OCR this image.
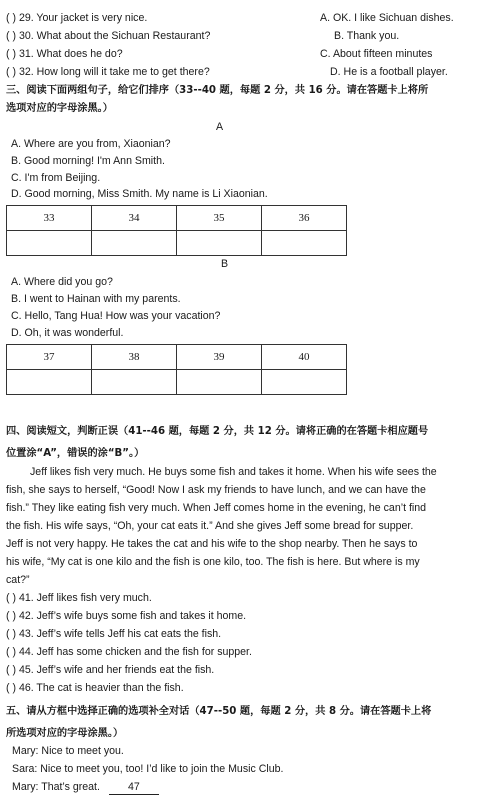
( ) 29. Your jacket is very nice.	A. OK. I like Sichuan dishes.
( ) 30. What about the Sichuan Restaurant?	B. Thank you.
( ) 31. What does he do?	C. About fifteen minutes
( ) 32. How long will it take me to get there?	D. He is a football player.
三、阅读下面两组句子，给它们排序（33--40 题，每题 2 分，共 16 分。请在答题卡上将所
选项对应的字母涂黑。）
A
A. Where are you from, Xiaonian?
B. Good morning! I'm Ann Smith.
C. I'm from Beijing.
D. Good morning, Miss Smith. My name is Li Xiaonian.
33	34	35	36

B
A. Where did you go?
B. I went to Hainan with my parents.
C. Hello, Tang Hua! How was your vacation?
D. Oh, it was wonderful.
37	38	39	40

四、阅读短文，判断正误（41--46 题，每题 2 分，共 12 分。请将正确的在答题卡相应题号
位置涂“A”，错误的涂“B”。）
Jeff likes fish very much. He buys some fish and takes it home. When his wife sees the
fish, she says to herself, “Good! Now I ask my friends to have lunch, and we can have the
fish.” They like eating fish very much. When Jeff comes home in the evening, he can’t find
the fish. His wife says, “Oh, your cat eats it.” And she gives Jeff some bread for supper.
Jeff is not very happy. He takes the cat and his wife to the shop nearby. Then he says to
his wife, “My cat is one kilo and the fish is one kilo, too. The fish is here. But where is my
cat?”
( ) 41. Jeff likes fish very much.
( ) 42. Jeff’s wife buys some fish and takes it home.
( ) 43. Jeff’s wife tells Jeff his cat eats the fish.
( ) 44. Jeff has some chicken and the fish for supper.
( ) 45. Jeff’s wife and her friends eat the fish.
( ) 46. The cat is heavier than the fish.
五、请从方框中选择正确的选项补全对话（47--50 题，每题 2 分，共 8 分。请在答题卡上将
所选项对应的字母涂黑。）
Mary: Nice to meet you.
Sara: Nice to meet you, too! I’d like to join the Music Club.
Mary: That’s great.	47
